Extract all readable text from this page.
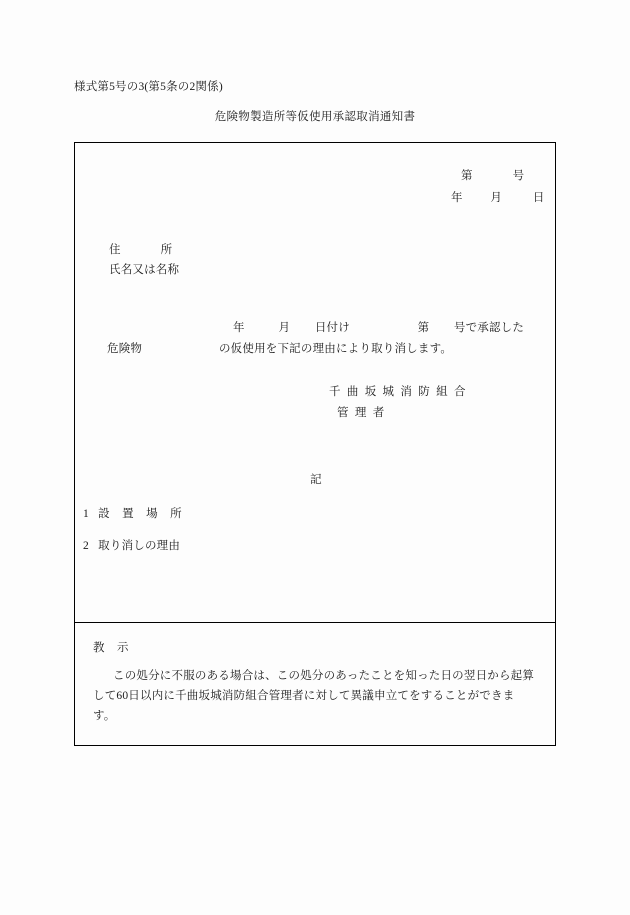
様式第5号の3(第5条の2関係)
危険物製造所等仮使用承認取消通知書
第             号
年         月          日
住             所
氏名又は名称
年           月        日付け                      第        号で承認した
危険物                         の仮使用を下記の理由により取り消します。
千  曲  坂  城  消  防  組  合
管  理  者
記
1   設    置    場    所
2   取り消しの理由
教    示
この処分に不服のある場合は、この処分のあったことを知った日の翌日から起算
して60日以内に千曲坂城消防組合管理者に対して異議申立てをすることができま
す。
